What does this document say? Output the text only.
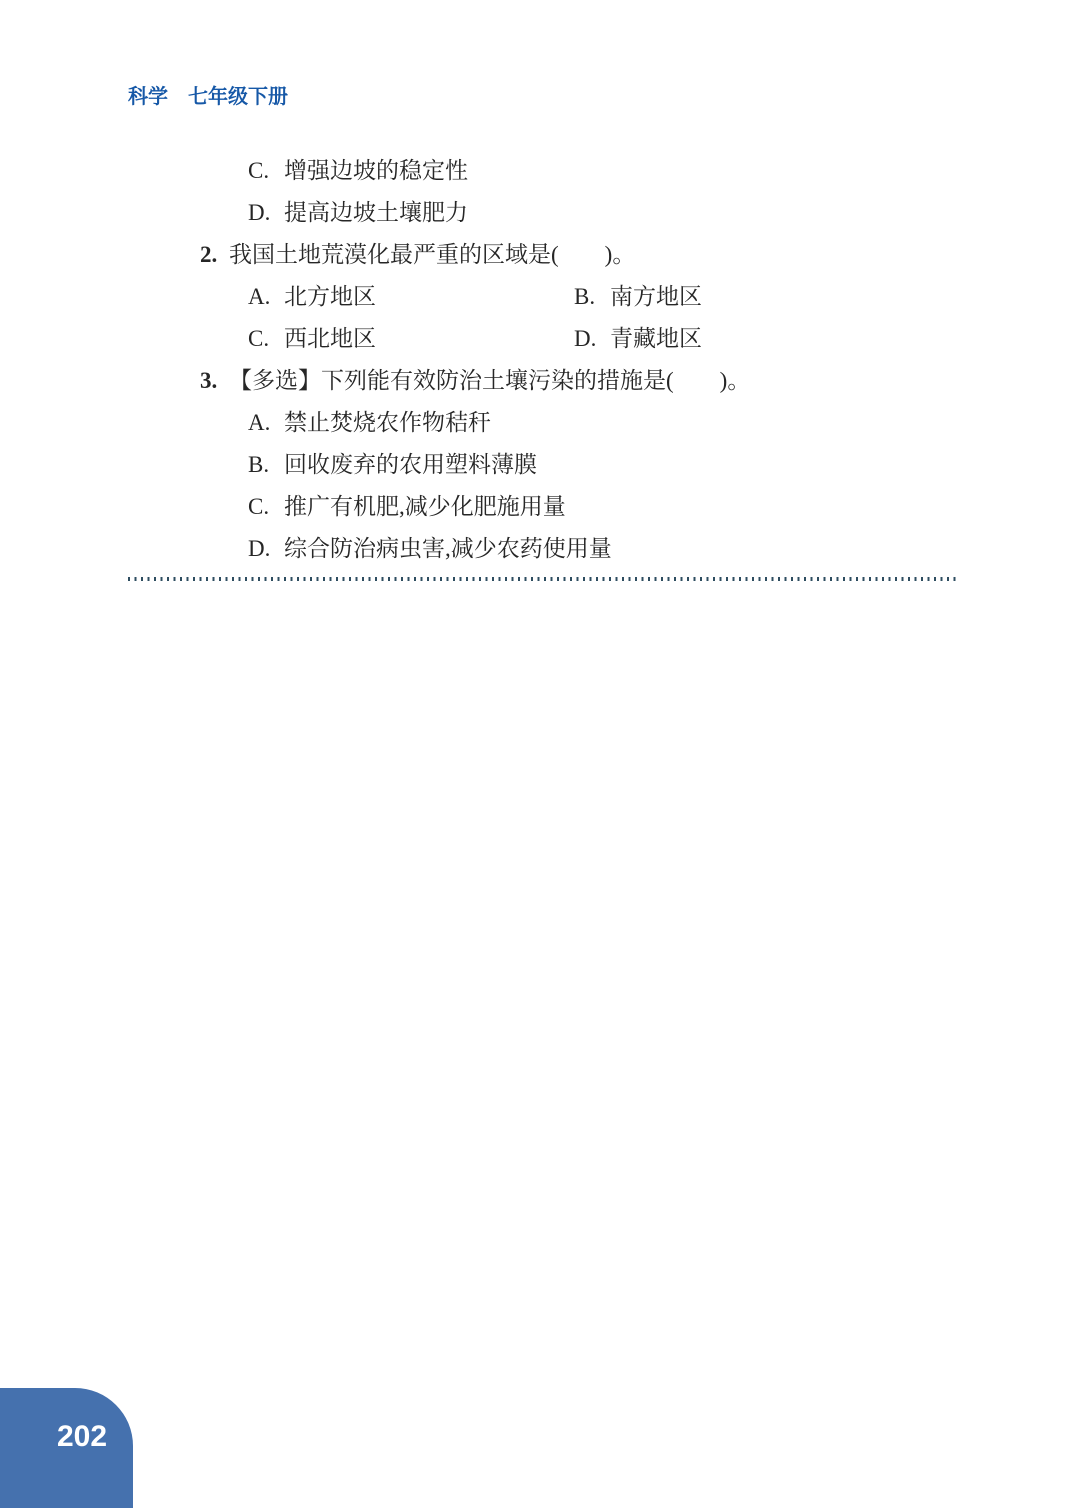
科学　 七年级下册
C. 增强边坡的稳定性
D. 提高边坡土壤肥力
2. 我国土地荒漠化最严重的区域是(　　)。
A. 北方地区	B. 南方地区
C. 西北地区	D. 青藏地区
3. 【多选】下列能有效防治土壤污染的措施是(　　)。
A. 禁止焚烧农作物秸秆
B. 回收废弃的农用塑料薄膜
C. 推广有机肥,减少化肥施用量
D. 综合防治病虫害,减少农药使用量
202
